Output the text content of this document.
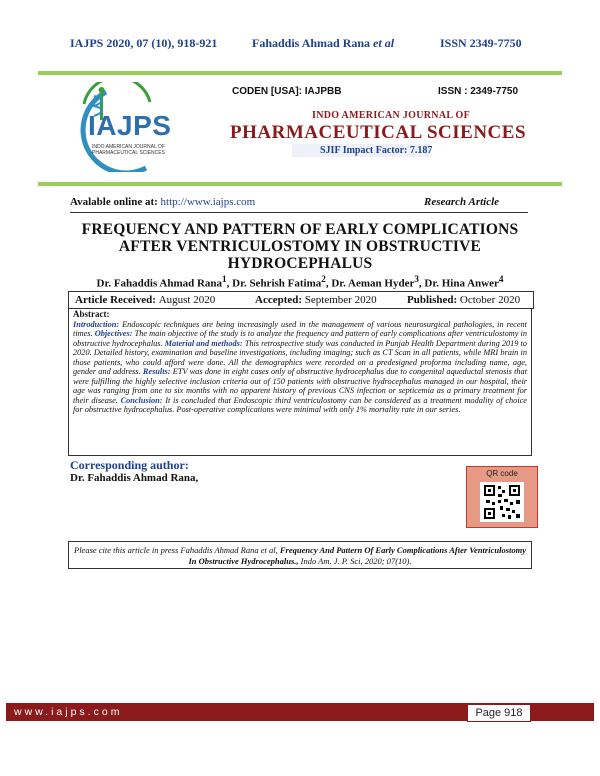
IAJPS 2020, 07 (10), 918-921	Fahaddis Ahmad Rana et al	ISSN 2349-7750
IAJPS
INDO AMERICAN JOURNAL OF
PHARMACEUTICAL SCIENCES
CODEN [USA]: IAJPBB	ISSN : 2349-7750
INDO AMERICAN JOURNAL OF
PHARMACEUTICAL SCIENCES
SJIF Impact Factor: 7.187
Avalable online at: http://www.iajps.com	Research Article
FREQUENCY AND PATTERN OF EARLY COMPLICATIONS
AFTER VENTRICULOSTOMY IN OBSTRUCTIVE
HYDROCEPHALUS
Dr. Fahaddis Ahmad Rana$^1$, Dr. Sehrish Fatima$^2$, Dr. Aeman Hyder$^3$, Dr. Hina Anwer$^4$
Article Received: August 2020	Accepted: September 2020	Published: October 2020
Abstract:
Introduction: Endoscopic techniques are being increasingly used in the management of various neurosurgical pathologies, in recent times. Objectives: The main objective of the study is to analyze the frequency and pattern of early complications after ventriculostomy in obstructive hydrocephalus. Material and methods: This retrospective study was conducted in Punjab Health Department during 2019 to 2020. Detailed history, examination and baseline investigations, including imaging; such as CT Scan in all patients, while MRI brain in those patients, who could afford were done. All the demographics were recorded on a predesigned proforma including name, age, gender and address. Results: ETV was done in eight cases only of obstructive hydrocephalus due to congenital aqueductal stenosis that were fulfilling the highly selective inclusion criteria out of 150 patients with obstructive hydrocephalus managed in our hospital, their age was ranging from one to six months with no apparent history of previous CNS infection or septicemia as a primary treatment for their disease. Conclusion: It is concluded that Endoscopic third ventriculostomy can be considered as a treatment modality of choice for obstructive hydrocephalus. Post-operative complications were minimal with only 1% mortality rate in our series.
Corresponding author:
Dr. Fahaddis Ahmad Rana,	QR code
Please cite this article in press Fahaddis Ahmad Rana et al, Frequency And Pattern Of Early Complications After Ventriculostomy In Obstructive Hydrocephalus., Indo Am. J. P. Sci, 2020; 07(10).
www.iajps.com	Page 918
